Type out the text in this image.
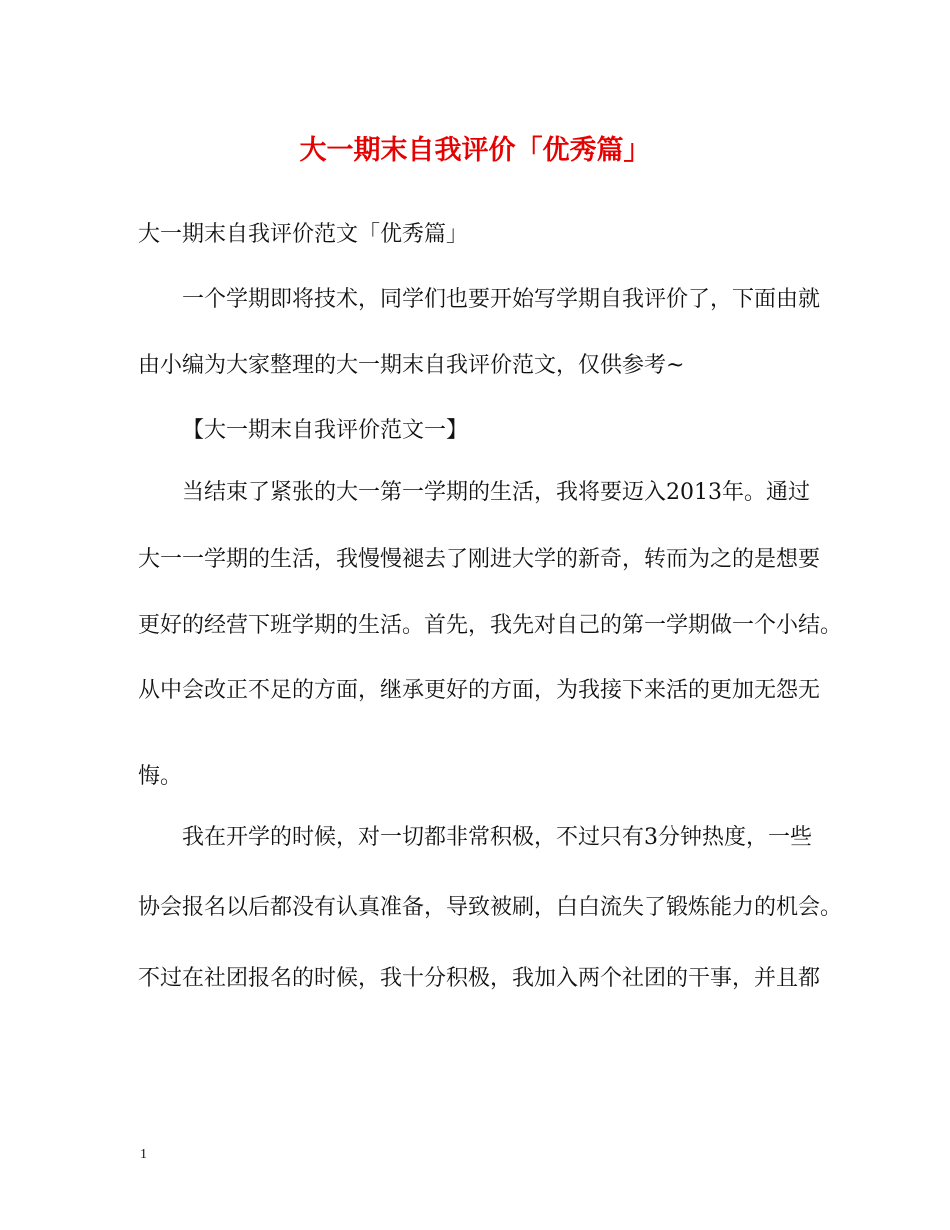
大一期末自我评价「优秀篇」
大一期末自我评价范文「优秀篇」
一个学期即将技术，同学们也要开始写学期自我评价了，下面由就
由小编为大家整理的大一期末自我评价范文，仅供参考~
【大一期末自我评价范文一】
当结束了紧张的大一第一学期的生活，我将要迈入2013年。通过
大一一学期的生活，我慢慢褪去了刚进大学的新奇，转而为之的是想要
更好的经营下班学期的生活。首先，我先对自己的第一学期做一个小结。
从中会改正不足的方面，继承更好的方面，为我接下来活的更加无怨无
悔。
我在开学的时候，对一切都非常积极，不过只有3分钟热度，一些
协会报名以后都没有认真准备，导致被刷，白白流失了锻炼能力的机会。
不过在社团报名的时候，我十分积极，我加入两个社团的干事，并且都
1
